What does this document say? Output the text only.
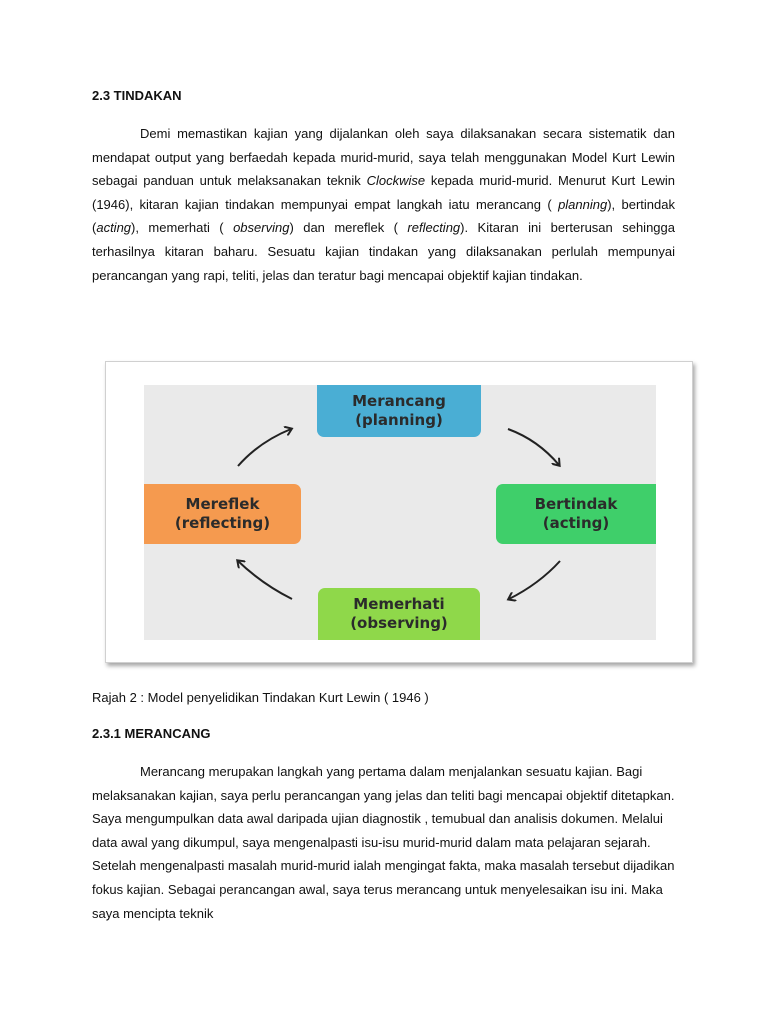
2.3 TINDAKAN

Demi memastikan kajian yang dijalankan oleh saya dilaksanakan secara sistematik dan mendapat output yang berfaedah kepada murid-murid, saya telah menggunakan Model Kurt Lewin sebagai panduan untuk melaksanakan teknik Clockwise kepada murid-murid. Menurut Kurt Lewin (1946), kitaran kajian tindakan mempunyai empat langkah iatu merancang ( planning), bertindak (acting), memerhati ( observing) dan mereflek ( reflecting). Kitaran ini berterusan sehingga terhasilnya kitaran baharu. Sesuatu kajian tindakan yang dilaksanakan perlulah mempunyai perancangan yang rapi, teliti, jelas dan teratur bagi mencapai objektif kajian tindakan.

Merancang
(planning)
Bertindak
(acting)
Memerhati
(observing)
Mereflek
(reflecting)

Rajah 2 : Model penyelidikan Tindakan Kurt Lewin ( 1946 )

2.3.1 MERANCANG

Merancang merupakan langkah yang pertama dalam menjalankan sesuatu kajian. Bagi melaksanakan kajian, saya perlu perancangan yang jelas dan teliti bagi mencapai objektif ditetapkan. Saya mengumpulkan data awal daripada ujian diagnostik , temubual dan analisis dokumen. Melalui data awal yang dikumpul, saya mengenalpasti isu-isu murid-murid dalam mata pelajaran sejarah. Setelah mengenalpasti masalah murid-murid ialah mengingat fakta, maka masalah tersebut dijadikan fokus kajian. Sebagai perancangan awal, saya terus merancang untuk menyelesaikan isu ini. Maka saya mencipta teknik
